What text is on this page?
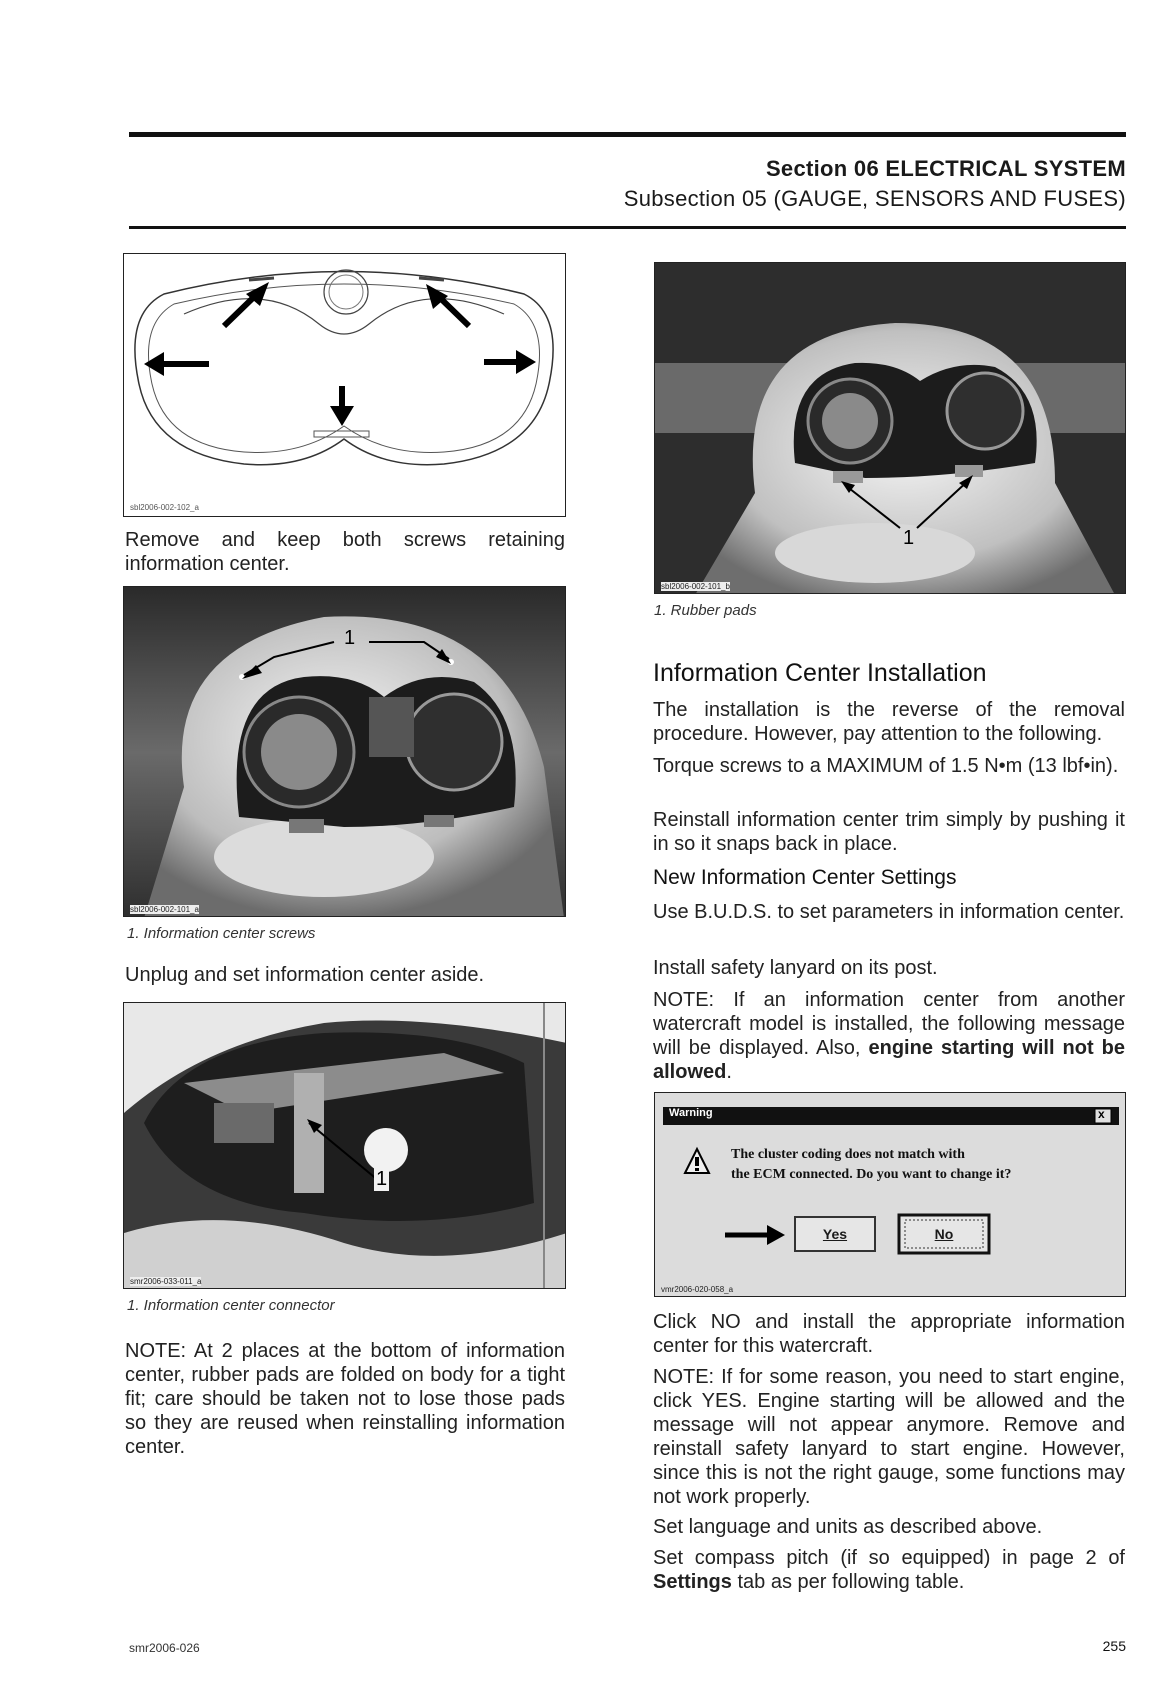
Section 06 ELECTRICAL SYSTEM
Subsection 05 (GAUGE, SENSORS AND FUSES)
sbl2006-002-102_a
Remove and keep both screws retaining information center.
1
sbl2006-002-101_a
1. Information center screws
Unplug and set information center aside.
1
smr2006-033-011_a
1. Information center connector
NOTE: At 2 places at the bottom of information center, rubber pads are folded on body for a tight fit; care should be taken not to lose those pads so they are reused when reinstalling information center.
1
sbl2006-002-101_b
1. Rubber pads
Information Center Installation
The installation is the reverse of the removal procedure. However, pay attention to the following.
Torque screws to a MAXIMUM of 1.5 N•m (13 lbf•in).
Reinstall information center trim simply by pushing it in so it snaps back in place.
New Information Center Settings
Use B.U.D.S. to set parameters in information center.
Install safety lanyard on its post.
NOTE: If an information center from another watercraft model is installed, the following message will be displayed. Also, engine starting will not be allowed.
Warning	x
The cluster coding does not match with
the ECM connected. Do you want to change it?
Yes	No
vmr2006-020-058_a
Click NO and install the appropriate information center for this watercraft.
NOTE: If for some reason, you need to start engine, click YES. Engine starting will be allowed and the message will not appear anymore. Remove and reinstall safety lanyard to start engine. However, since this is not the right gauge, some functions may not work properly.
Set language and units as described above.
Set compass pitch (if so equipped) in page 2 of Settings tab as per following table.
smr2006-026	255
